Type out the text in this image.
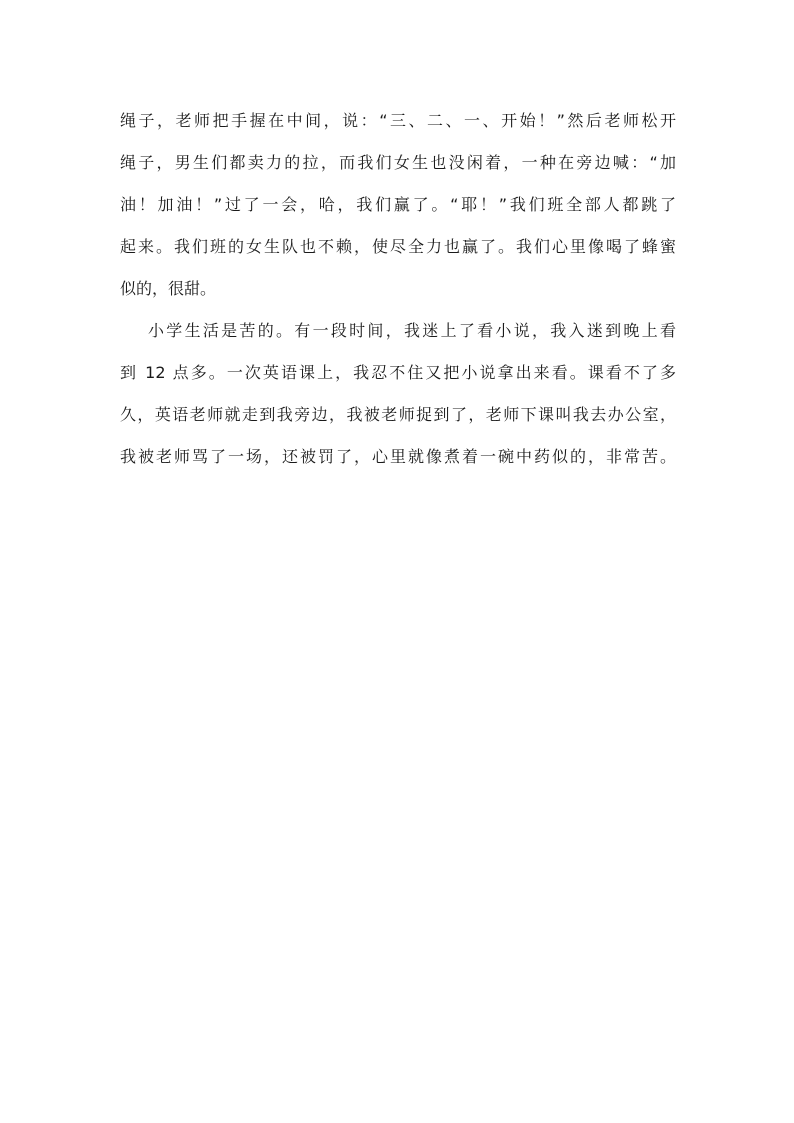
绳子，老师把手握在中间，说：“三、二、一、开始！”然后老师松开
绳子，男生们都卖力的拉，而我们女生也没闲着，一种在旁边喊：“加
油！加油！”过了一会，哈，我们赢了。“耶！”我们班全部人都跳了
起来。我们班的女生队也不赖，使尽全力也赢了。我们心里像喝了蜂蜜
似的，很甜。
小学生活是苦的。有一段时间，我迷上了看小说，我入迷到晚上看
到 12 点多。一次英语课上，我忍不住又把小说拿出来看。课看不了多
久，英语老师就走到我旁边，我被老师捉到了，老师下课叫我去办公室，
我被老师骂了一场，还被罚了，心里就像煮着一碗中药似的，非常苦。
